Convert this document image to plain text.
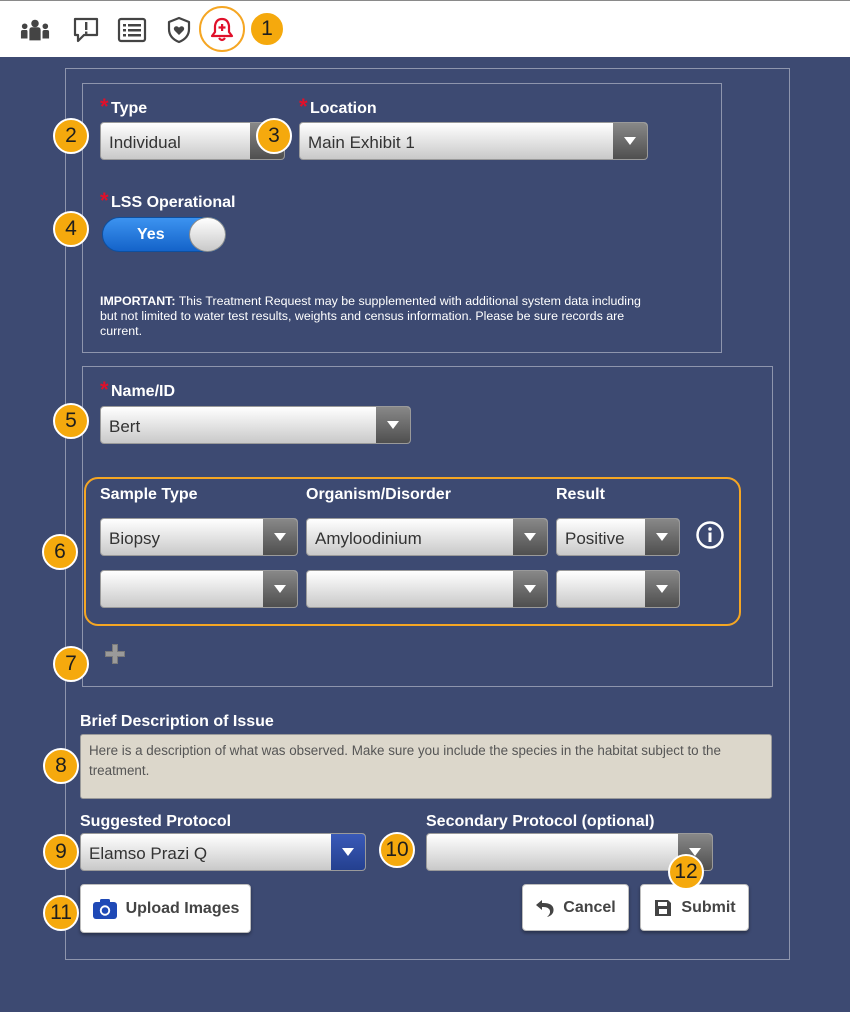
* Type
Individual
* Location
Main Exhibit 1
* LSS Operational
Yes
IMPORTANT: This Treatment Request may be supplemented with additional system data including but not limited to water test results, weights and census information. Please be sure records are current.
* Name/ID
Bert
Sample Type	Organism/Disorder	Result
Biopsy	Amyloodinium	Positive
Brief Description of Issue
Here is a description of what was observed. Make sure you include the species in the habitat subject to the treatment.
Suggested Protocol
Elamso Prazi Q
Secondary Protocol (optional)
Upload Images	Cancel	Submit
1
2	3
4
5
6
7
8
9	10
11
12
